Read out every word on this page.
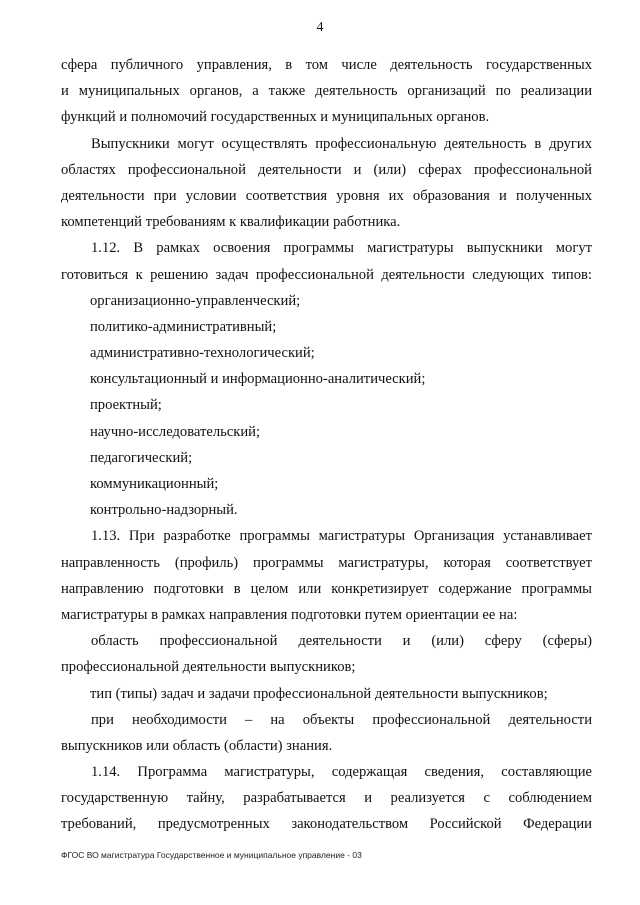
4
сфера публичного управления, в том числе деятельность государственных
и муниципальных органов, а также деятельность организаций по реализации
функций и полномочий государственных и муниципальных органов.
Выпускники могут осуществлять профессиональную деятельность в других
областях профессиональной деятельности и (или) сферах профессиональной
деятельности при условии соответствия уровня их образования и полученных
компетенций требованиям к квалификации работника.
1.12. В рамках освоения программы магистратуры выпускники могут
готовиться к решению задач профессиональной деятельности следующих типов:
организационно-управленческий;
политико-административный;
административно-технологический;
консультационный и информационно-аналитический;
проектный;
научно-исследовательский;
педагогический;
коммуникационный;
контрольно-надзорный.
1.13. При разработке программы магистратуры Организация устанавливает
направленность (профиль) программы магистратуры, которая соответствует
направлению подготовки в целом или конкретизирует содержание программы
магистратуры в рамках направления подготовки путем ориентации ее на:
область профессиональной деятельности и (или) сферу (сферы)
профессиональной деятельности выпускников;
тип (типы) задач и задачи профессиональной деятельности выпускников;
при необходимости – на объекты профессиональной деятельности
выпускников или область (области) знания.
1.14. Программа магистратуры, содержащая сведения, составляющие
государственную тайну, разрабатывается и реализуется с соблюдением
требований, предусмотренных законодательством Российской Федерации
ФГОС ВО магистратура Государственное и муниципальное управление - 03
